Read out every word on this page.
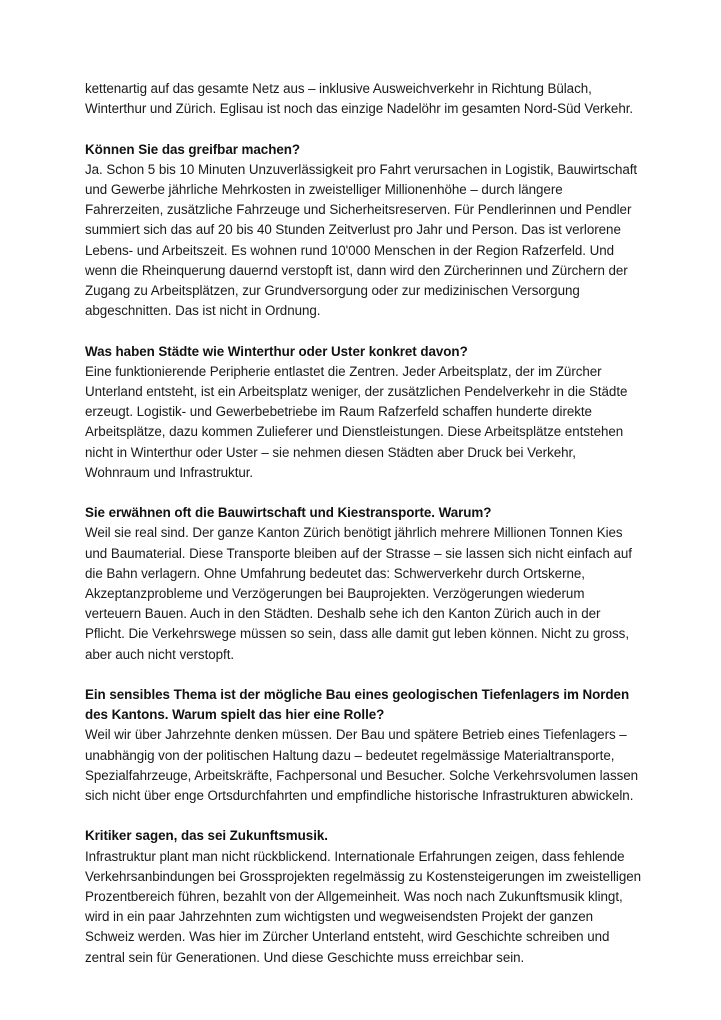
kettenartig auf das gesamte Netz aus – inklusive Ausweichverkehr in Richtung Bülach, Winterthur und Zürich. Eglisau ist noch das einzige Nadelöhr im gesamten Nord-Süd Verkehr.

Können Sie das greifbar machen?

Ja. Schon 5 bis 10 Minuten Unzuverlässigkeit pro Fahrt verursachen in Logistik, Bauwirtschaft und Gewerbe jährliche Mehrkosten in zweistelliger Millionenhöhe – durch längere Fahrerzeiten, zusätzliche Fahrzeuge und Sicherheitsreserven. Für Pendlerinnen und Pendler summiert sich das auf 20 bis 40 Stunden Zeitverlust pro Jahr und Person. Das ist verlorene Lebens- und Arbeitszeit. Es wohnen rund 10'000 Menschen in der Region Rafzerfeld. Und wenn die Rheinquerung dauernd verstopft ist, dann wird den Zürcherinnen und Zürchern der Zugang zu Arbeitsplätzen, zur Grundversorgung oder zur medizinischen Versorgung abgeschnitten. Das ist nicht in Ordnung.

Was haben Städte wie Winterthur oder Uster konkret davon?

Eine funktionierende Peripherie entlastet die Zentren. Jeder Arbeitsplatz, der im Zürcher Unterland entsteht, ist ein Arbeitsplatz weniger, der zusätzlichen Pendelverkehr in die Städte erzeugt. Logistik- und Gewerbebetriebe im Raum Rafzerfeld schaffen hunderte direkte Arbeitsplätze, dazu kommen Zulieferer und Dienstleistungen. Diese Arbeitsplätze entstehen nicht in Winterthur oder Uster – sie nehmen diesen Städten aber Druck bei Verkehr, Wohnraum und Infrastruktur.

Sie erwähnen oft die Bauwirtschaft und Kiestransporte. Warum?

Weil sie real sind. Der ganze Kanton Zürich benötigt jährlich mehrere Millionen Tonnen Kies und Baumaterial. Diese Transporte bleiben auf der Strasse – sie lassen sich nicht einfach auf die Bahn verlagern. Ohne Umfahrung bedeutet das: Schwerverkehr durch Ortskerne, Akzeptanzprobleme und Verzögerungen bei Bauprojekten. Verzögerungen wiederum verteuern Bauen. Auch in den Städten. Deshalb sehe ich den Kanton Zürich auch in der Pflicht. Die Verkehrswege müssen so sein, dass alle damit gut leben können. Nicht zu gross, aber auch nicht verstopft.

Ein sensibles Thema ist der mögliche Bau eines geologischen Tiefenlagers im Norden des Kantons. Warum spielt das hier eine Rolle?

Weil wir über Jahrzehnte denken müssen. Der Bau und spätere Betrieb eines Tiefenlagers – unabhängig von der politischen Haltung dazu – bedeutet regelmässige Materialtransporte, Spezialfahrzeuge, Arbeitskräfte, Fachpersonal und Besucher. Solche Verkehrsvolumen lassen sich nicht über enge Ortsdurchfahrten und empfindliche historische Infrastrukturen abwickeln.

Kritiker sagen, das sei Zukunftsmusik.

Infrastruktur plant man nicht rückblickend. Internationale Erfahrungen zeigen, dass fehlende Verkehrsanbindungen bei Grossprojekten regelmässig zu Kostensteigerungen im zweistelligen Prozentbereich führen, bezahlt von der Allgemeinheit. Was noch nach Zukunftsmusik klingt, wird in ein paar Jahrzehnten zum wichtigsten und wegweisendsten Projekt der ganzen Schweiz werden. Was hier im Zürcher Unterland entsteht, wird Geschichte schreiben und zentral sein für Generationen. Und diese Geschichte muss erreichbar sein.
